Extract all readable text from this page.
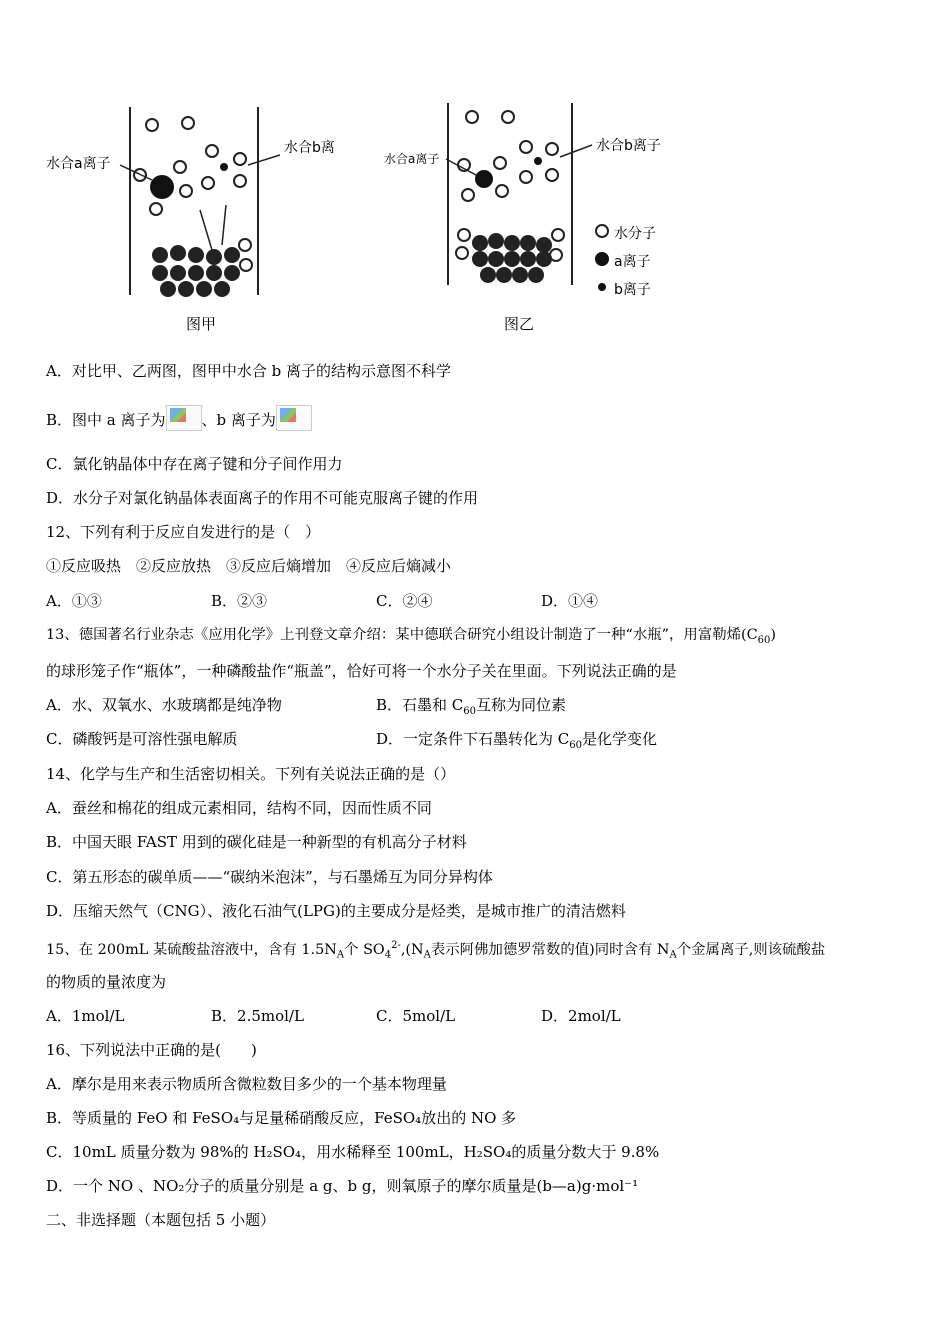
水合a离子
水合b离
图甲
水合a离子
水合b离子
水分子
a离子
b离子
图乙
A．对比甲、乙两图，图甲中水合 b 离子的结构示意图不科学
B．图中 a 离子为 、b 离子为
C．氯化钠晶体中存在离子键和分子间作用力
D．水分子对氯化钠晶体表面离子的作用不可能克服离子键的作用
12、下列有利于反应自发进行的是（　）
①反应吸热　②反应放热　③反应后熵增加　④反应后熵减小
A．①③	B．②③	C．②④	D．①④
13、德国著名行业杂志《应用化学》上刊登文章介绍：某中德联合研究小组设计制造了一种“水瓶”，用富勒烯$(C_{60})$
的球形笼子作“瓶体”，一种磷酸盐作“瓶盖”，恰好可将一个水分子关在里面。下列说法正确的是
A．水、双氧水、水玻璃都是纯净物	B．石墨和 $C_{60}$互称为同位素
C．磷酸钙是可溶性强电解质	D．一定条件下石墨转化为 $C_{60}$是化学变化
14、化学与生产和生活密切相关。下列有关说法正确的是（）
A．蚕丝和棉花的组成元素相同，结构不同，因而性质不同
B．中国天眼 FAST 用到的碳化硅是一种新型的有机高分子材料
C．第五形态的碳单质——“碳纳米泡沫”，与石墨烯互为同分异构体
D．压缩天然气（CNG）、液化石油气(LPG)的主要成分是烃类，是城市推广的清洁燃料
15、在 200mL 某硫酸盐溶液中，含有 $1.5N_A$个 $SO_4^{2-},(N_A$表示阿佛加德罗常数的值)同时含有 $N_A$个金属离子,则该硫酸盐
的物质的量浓度为
A．1mol/L	B．2.5mol/L	C．5mol/L	D．2mol/L
16、下列说法中正确的是(　　)
A．摩尔是用来表示物质所含微粒数目多少的一个基本物理量
B．等质量的 FeO 和 FeSO₄与足量稀硝酸反应，FeSO₄放出的 NO 多
C．10mL 质量分数为 98%的 H₂SO₄，用水稀释至 100mL，H₂SO₄的质量分数大于 9.8%
D．一个 NO 、NO₂分子的质量分别是 a g、b g，则氧原子的摩尔质量是(b—a)g·mol⁻¹
二、非选择题（本题包括 5 小题）
